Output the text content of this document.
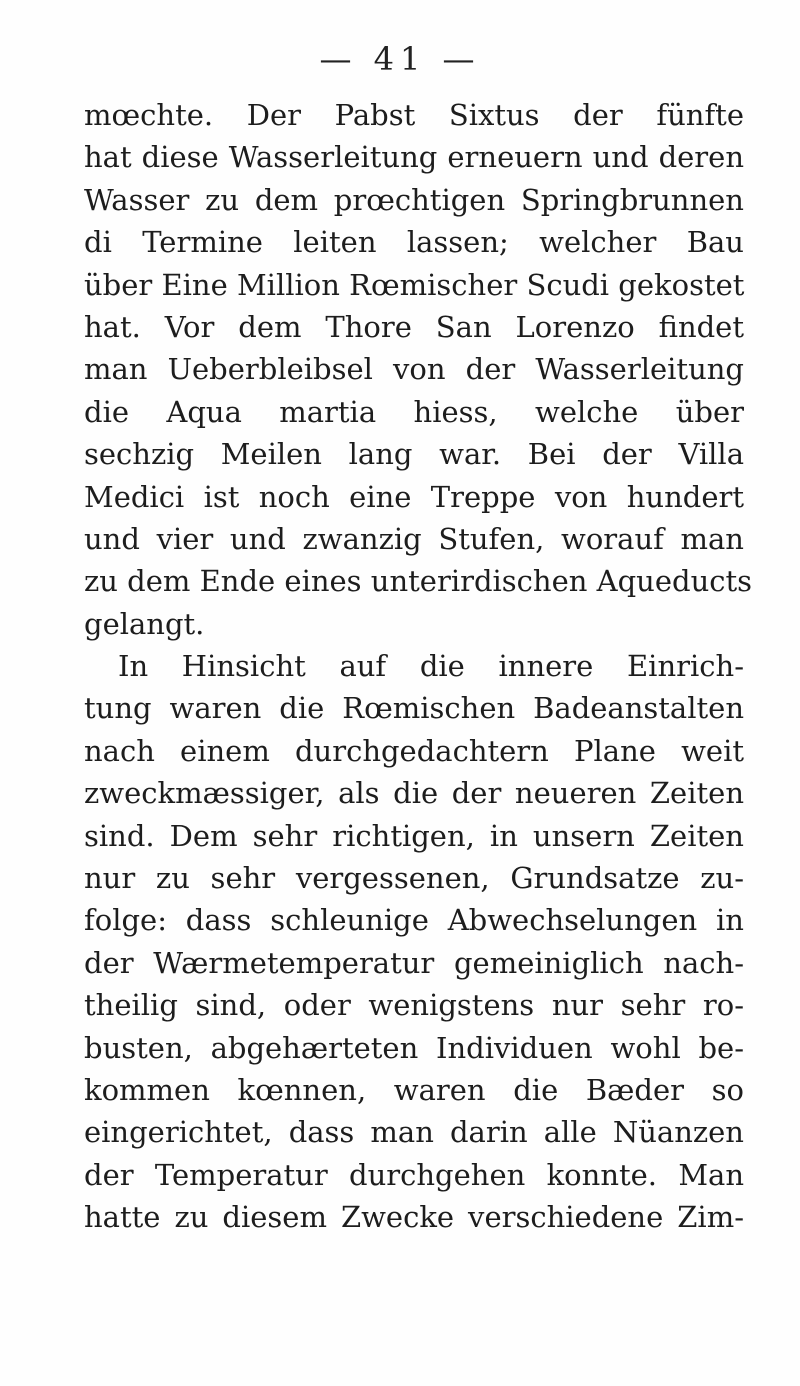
— 41 —
mœchte. Der Pabst Sixtus der fünfte
hat diese Wasserleitung erneuern und deren
Wasser zu dem prœchtigen Springbrunnen
di Termine leiten lassen; welcher Bau
über Eine Million Rœmischer Scudi gekostet
hat. Vor dem Thore San Lorenzo findet
man Ueberbleibsel von der Wasserleitung
die Aqua martia hiess, welche über
sechzig Meilen lang war. Bei der Villa
Medici ist noch eine Treppe von hundert
und vier und zwanzig Stufen, worauf man
zu dem Ende eines unterirdischen Aqueducts
gelangt.
In Hinsicht auf die innere Einrich-
tung waren die Rœmischen Badeanstalten
nach einem durchgedachtern Plane weit
zweckmæssiger, als die der neueren Zeiten
sind. Dem sehr richtigen, in unsern Zeiten
nur zu sehr vergessenen, Grundsatze zu-
folge: dass schleunige Abwechselungen in
der Wærmetemperatur gemeiniglich nach-
theilig sind, oder wenigstens nur sehr ro-
busten, abgehærteten Individuen wohl be-
kommen kœnnen, waren die Bæder so
eingerichtet, dass man darin alle Nüanzen
der Temperatur durchgehen konnte. Man
hatte zu diesem Zwecke verschiedene Zim-
